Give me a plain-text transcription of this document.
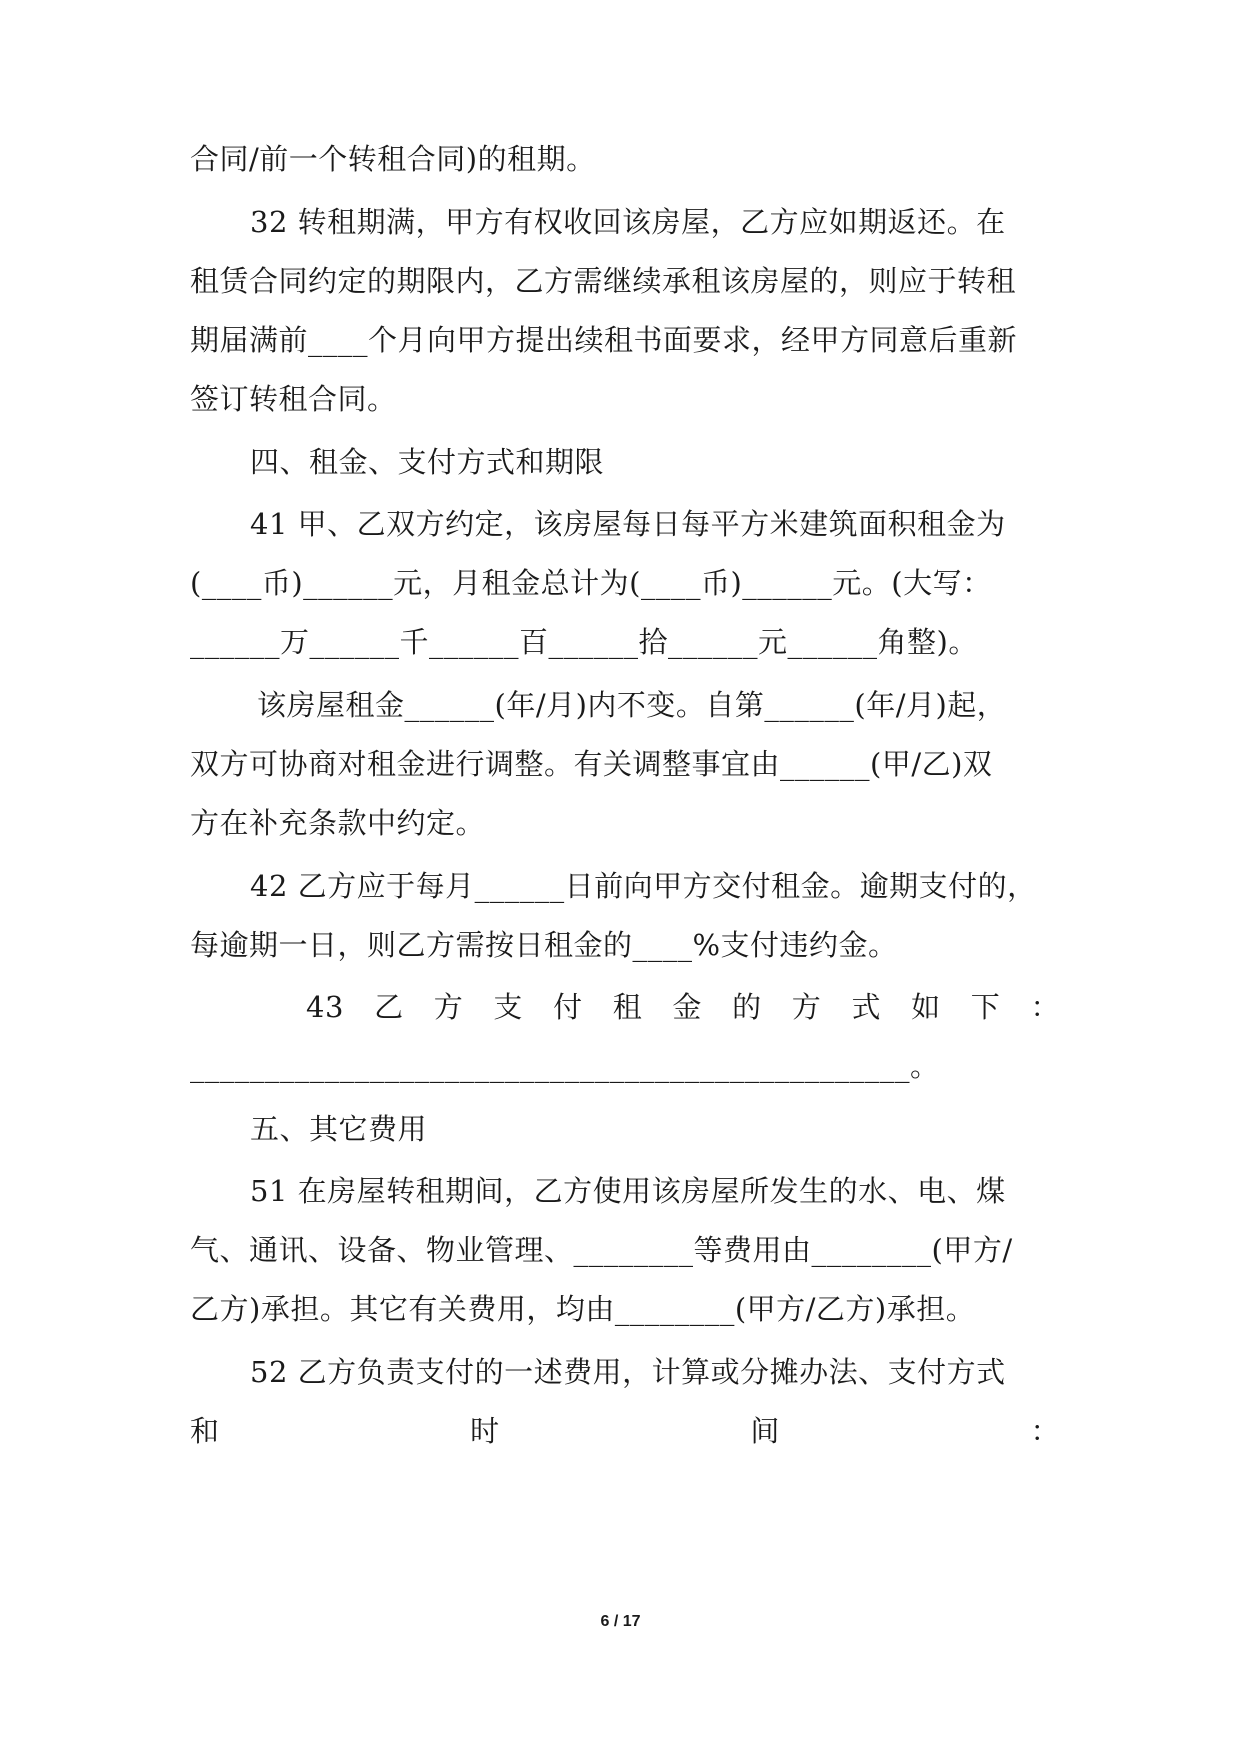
合同/前一个转租合同)的租期。
32 转租期满，甲方有权收回该房屋，乙方应如期返还。在
租赁合同约定的期限内，乙方需继续承租该房屋的，则应于转租
期届满前____个月向甲方提出续租书面要求，经甲方同意后重新
签订转租合同。
四、租金、支付方式和期限
41 甲、乙双方约定，该房屋每日每平方米建筑面积租金为
(____币)______元，月租金总计为(____币)______元。(大写：
______万______千______百______拾______元______角整)。
该房屋租金______(年/月)内不变。自第______(年/月)起，
双方可协商对租金进行调整。有关调整事宜由______(甲/乙)双
方在补充条款中约定。
42 乙方应于每月______日前向甲方交付租金。逾期支付的，
每逾期一日，则乙方需按日租金的____%支付违约金。
43 乙 方 支 付 租 金 的 方 式 如 下 ：
________________________________________________。
五、其它费用
51 在房屋转租期间，乙方使用该房屋所发生的水、电、煤
气、通讯、设备、物业管理、________等费用由________(甲方/
乙方)承担。其它有关费用，均由________(甲方/乙方)承担。
52 乙方负责支付的一述费用，计算或分摊办法、支付方式
和	时	间	：
6 / 17
